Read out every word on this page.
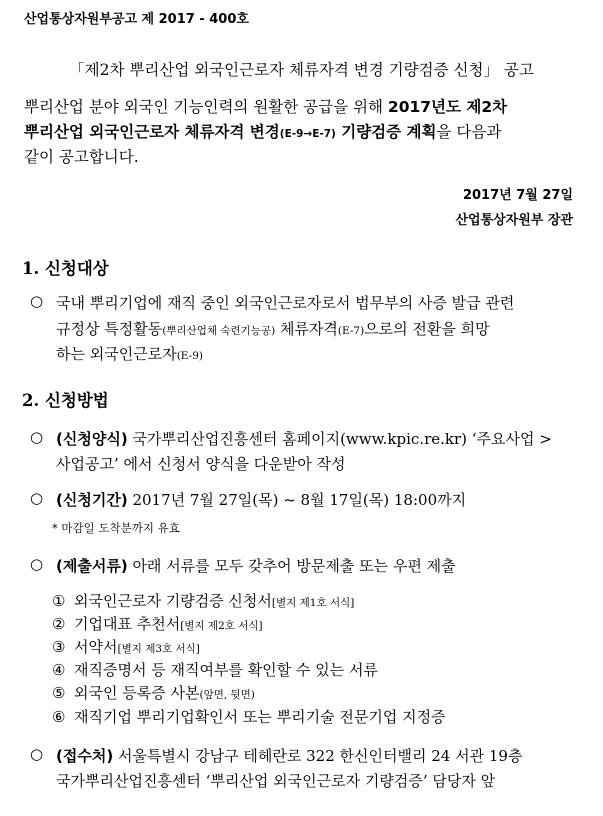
산업통상자원부공고 제 2017 - 400호
「제2차 뿌리산업 외국인근로자 체류자격 변경 기량검증 신청」 공고
뿌리산업 분야 외국인 기능인력의 원활한 공급을 위해 2017년도 제2차
뿌리산업 외국인근로자 체류자격 변경(E-9→E-7) 기량검증 계획을 다음과
같이 공고합니다.
2017년 7월 27일
산업통상자원부 장관
1. 신청대상
○ 국내 뿌리기업에 재직 중인 외국인근로자로서 법무부의 사증 발급 관련
규정상 특정활동(뿌리산업체 숙련기능공) 체류자격(E-7)으로의 전환을 희망
하는 외국인근로자(E-9)
2. 신청방법
○ (신청양식) 국가뿌리산업진흥센터 홈페이지(www.kpic.re.kr) ‘주요사업 >
사업공고’ 에서 신청서 양식을 다운받아 작성
○ (신청기간) 2017년 7월 27일(목) ~ 8월 17일(목) 18:00까지
* 마감일 도착분까지 유효
○ (제출서류) 아래 서류를 모두 갖추어 방문제출 또는 우편 제출
① 외국인근로자 기량검증 신청서[별지 제1호 서식]
② 기업대표 추천서[별지 제2호 서식]
③ 서약서[별지 제3호 서식]
④ 재직증명서 등 재직여부를 확인할 수 있는 서류
⑤ 외국인 등록증 사본(앞면, 뒷면)
⑥ 재직기업 뿌리기업확인서 또는 뿌리기술 전문기업 지정증
○ (접수처) 서울특별시 강남구 테헤란로 322 한신인터밸리 24 서관 19층
국가뿌리산업진흥센터 ‘뿌리산업 외국인근로자 기량검증’ 담당자 앞
